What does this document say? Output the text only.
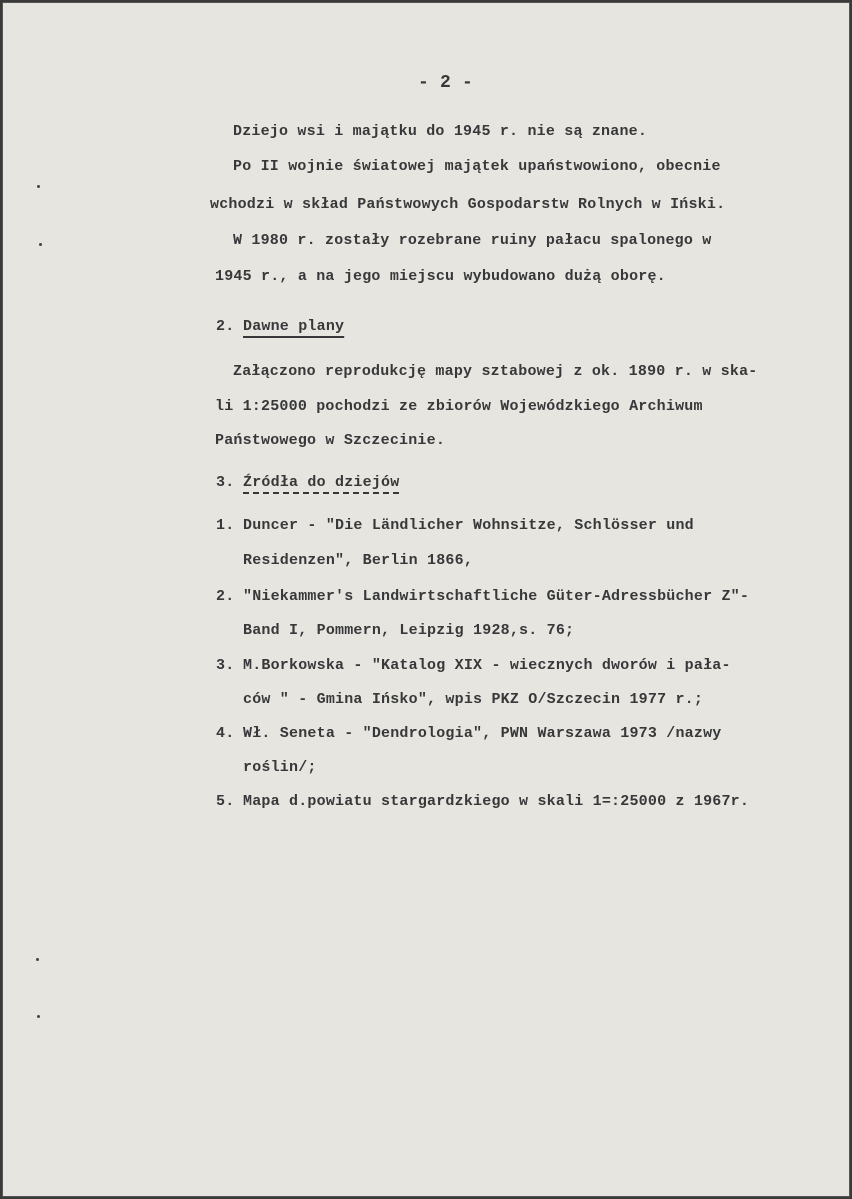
- 2 -
Dziejo wsi i majątku do 1945 r. nie są znane.
Po II wojnie światowej majątek upaństwowiono, obecnie
wchodzi w skład Państwowych Gospodarstw Rolnych w Iński.
W 1980 r. zostały rozebrane ruiny pałacu spalonego w
1945 r., a na jego miejscu wybudowano dużą oborę.
2. Dawne plany
Załączono reprodukcję mapy sztabowej z ok. 1890 r. w ska-
li 1:25000 pochodzi ze zbiorów Wojewódzkiego Archiwum
Państwowego w Szczecinie.
3. Źródła do dziejów
1. Duncer - "Die Ländlicher Wohnsitze, Schlösser und
Residenzen", Berlin 1866,
2. "Niekammer's Landwirtschaftliche Güter-Adressbücher Z"-
Band I, Pommern, Leipzig 1928,s. 76;
3. M.Borkowska - "Katalog XIX - wiecznych dworów i pała-
ców " - Gmina Ińsko", wpis PKZ O/Szczecin 1977 r.;
4. Wł. Seneta - "Dendrologia", PWN Warszawa 1973 /nazwy
roślin/;
5. Mapa d.powiatu stargardzkiego w skali 1=:25000 z 1967r.
